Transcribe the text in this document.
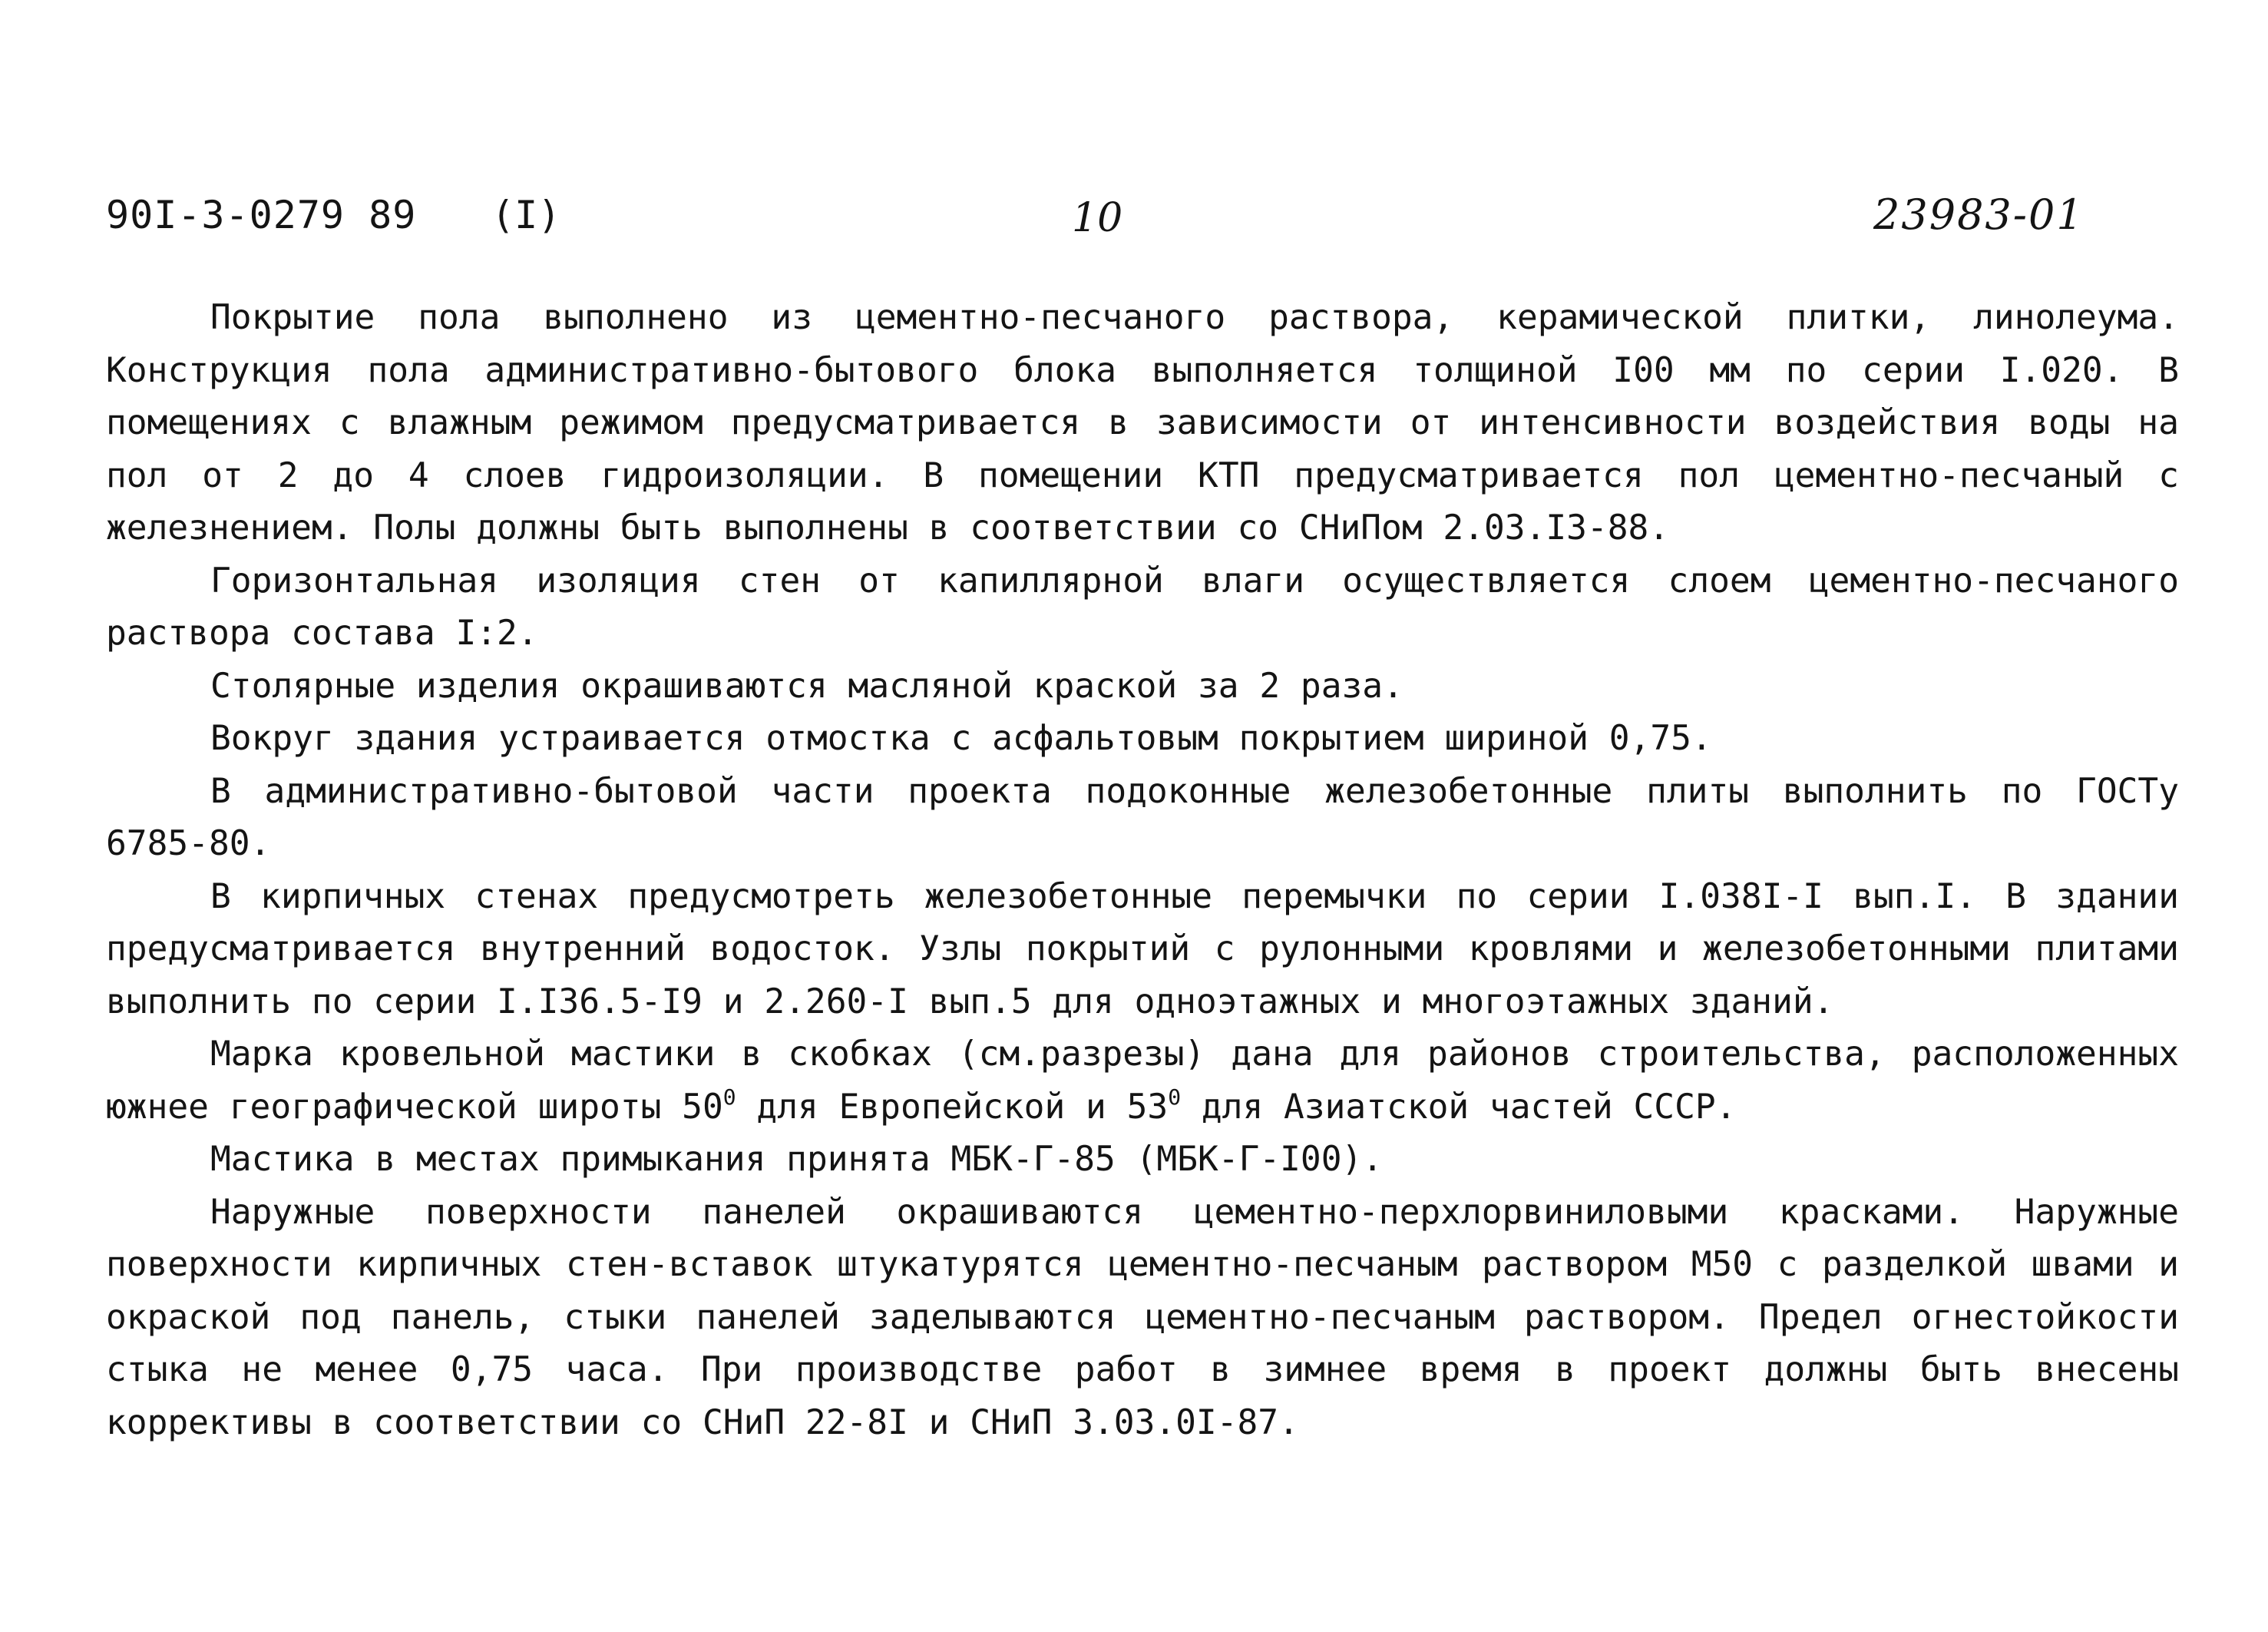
90I-3-0279 89 (I)	10	23983-01

Покрытие пола выполнено из цементно-песчаного раствора, керамической плитки, линолеума. Конструкция пола административно-бытового блока выполняется толщиной I00 мм по серии I.020. В помещениях с влажным режимом предусматривается в зависимости от интенсивности воздействия воды на пол от 2 до 4 слоев гидроизоляции. В помещении КТП предусматривается пол цементно-песчаный с железнением. Полы должны быть выполнены в соответствии со СНиПом 2.03.I3-88.

Горизонтальная изоляция стен от капиллярной влаги осуществляется слоем цементно-песчаного раствора состава I:2.

Столярные изделия окрашиваются масляной краской за 2 раза.

Вокруг здания устраивается отмостка с асфальтовым покрытием шириной 0,75.

В административно-бытовой части проекта подоконные железобетонные плиты выполнить по ГОСТу 6785-80.

В кирпичных стенах предусмотреть железобетонные перемычки по серии I.038I-I вып.I. В здании предусматривается внутренний водосток. Узлы покрытий с рулонными кровлями и железобетонными плитами выполнить по серии I.I36.5-I9 и 2.260-I вып.5 для одноэтажных и многоэтажных зданий.

Марка кровельной мастики в скобках (см.разрезы) дана для районов строительства, расположенных южнее географической широты $50^0$ для Европейской и $53^0$ для Азиатской частей СССР.

Мастика в местах примыкания принята МБК-Г-85 (МБК-Г-I00).

Наружные поверхности панелей окрашиваются цементно-перхлорвиниловыми красками. Наружные поверхности кирпичных стен-вставок штукатурятся цементно-песчаным раствором М50 с разделкой швами и окраской под панель, стыки панелей заделываются цементно-песчаным раствором. Предел огнестойкости стыка не менее 0,75 часа. При производстве работ в зимнее время в проект должны быть внесены коррективы в соответствии со СНиП 22-8I и СНиП 3.03.0I-87.
